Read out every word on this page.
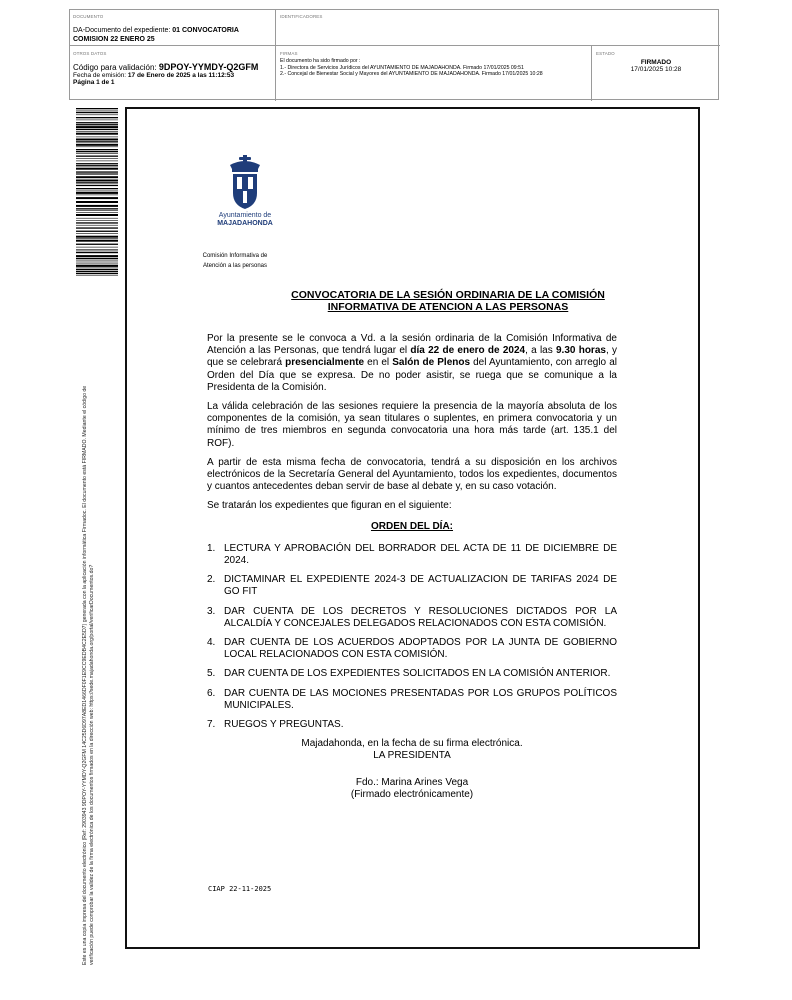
DOCUMENTO
DA-Documento del expediente: 01 CONVOCATORIA
COMISION 22 ENERO 25
IDENTIFICADORES
OTROS DATOS
Código para validación: 9DPOY-YYMDY-Q2GFM
Fecha de emisión: 17 de Enero de 2025 a las 11:12:53
Página 1 de 1
FIRMAS
El documento ha sido firmado por :
1.- Directora de Servicios Jurídicos del AYUNTAMIENTO DE MAJADAHONDA. Firmado 17/01/2025 09:51
2.- Concejal de Bienestar Social y Mayores del AYUNTAMIENTO DE MAJADAHONDA. Firmado 17/01/2025 10:28
ESTADO
FIRMADO
17/01/2025 10:28
Este es una copia impresa del documento electrónico (Ref: 2903943 9DPOY-YYMDY-Q2GFM 14C25D6D97A8ED1466DF0F1E9CC9EDB4C2E5D7) generada con la aplicación informática Firmadoc. El documento está FIRMADO. Mediante el código de verificación puede comprobar la validez de la firma electrónica de los documentos firmados en la dirección web: https://sede.majadahonda.org/portal/verificarDocumentos.do?
Ayuntamiento de
MAJADAHONDA
Comisión Informativa de
Atención a las personas
CONVOCATORIA DE LA SESIÓN ORDINARIA DE LA COMISIÓN
INFORMATIVA DE ATENCION A LAS PERSONAS

Por la presente se le convoca a Vd. a la sesión ordinaria de la Comisión Informativa de Atención a las Personas, que tendrá lugar el día 22 de enero de 2024, a las 9.30 horas, y que se celebrará presencialmente en el Salón de Plenos del Ayuntamiento, con arreglo al Orden del Día que se expresa. De no poder asistir, se ruega que se comunique a la Presidenta de la Comisión.

La válida celebración de las sesiones requiere la presencia de la mayoría absoluta de los componentes de la comisión, ya sean titulares o suplentes, en primera convocatoria y un mínimo de tres miembros en segunda convocatoria una hora más tarde (art. 135.1 del ROF).

A partir de esta misma fecha de convocatoria, tendrá a su disposición en los archivos electrónicos de la Secretaría General del Ayuntamiento, todos los expedientes, documentos y cuantos antecedentes deban servir de base al debate y, en su caso votación.

Se tratarán los expedientes que figuran en el siguiente:

ORDEN DEL DÍA:

1. LECTURA Y APROBACIÓN DEL BORRADOR DEL ACTA DE 11 DE DICIEMBRE DE 2024.
2. DICTAMINAR EL EXPEDIENTE 2024-3 DE ACTUALIZACION DE TARIFAS 2024 DE GO FIT
3. DAR CUENTA DE LOS DECRETOS Y RESOLUCIONES DICTADOS POR LA ALCALDÍA Y CONCEJALES DELEGADOS RELACIONADOS CON ESTA COMISIÓN.
4. DAR CUENTA DE LOS ACUERDOS ADOPTADOS POR LA JUNTA DE GOBIERNO LOCAL RELACIONADOS CON ESTA COMISIÓN.
5. DAR CUENTA DE LOS EXPEDIENTES SOLICITADOS EN LA COMISIÓN ANTERIOR.
6. DAR CUENTA DE LAS MOCIONES PRESENTADAS POR LOS GRUPOS POLÍTICOS MUNICIPALES.
7. RUEGOS Y PREGUNTAS.
Majadahonda, en la fecha de su firma electrónica.
LA PRESIDENTA
Fdo.: Marina Arines Vega
(Firmado electrónicamente)
CIAP 22-11-2025
